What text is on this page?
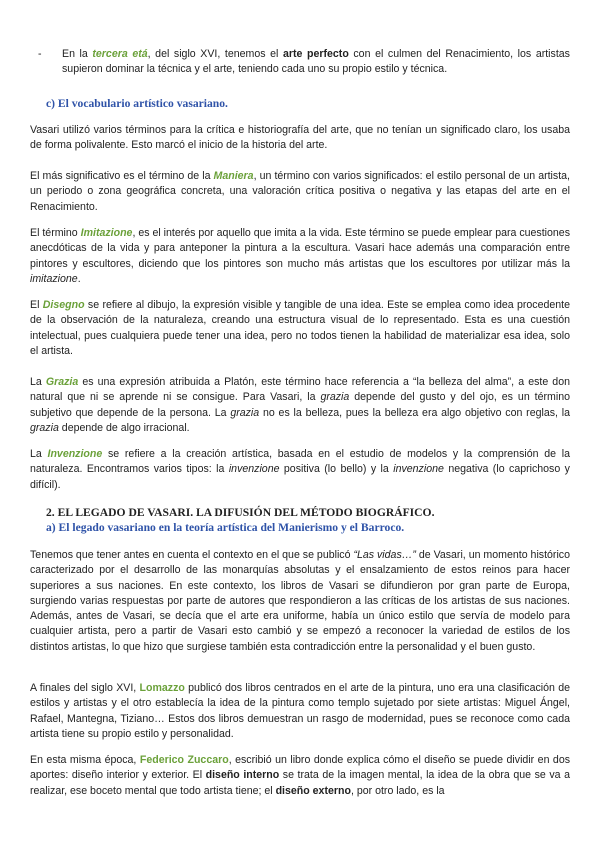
- En la tercera etá, del siglo XVI, tenemos el arte perfecto con el culmen del Renacimiento, los artistas supieron dominar la técnica y el arte, teniendo cada uno su propio estilo y técnica.
c) El vocabulario artístico vasariano.

Vasari utilizó varios términos para la crítica e historiografía del arte, que no tenían un significado claro, los usaba de forma polivalente. Esto marcó el inicio de la historia del arte.

El más significativo es el término de la Maniera, un término con varios significados: el estilo personal de un artista, un periodo o zona geográfica concreta, una valoración crítica positiva o negativa y las etapas del arte en el Renacimiento.

El término Imitazione, es el interés por aquello que imita a la vida. Este término se puede emplear para cuestiones anecdóticas de la vida y para anteponer la pintura a la escultura. Vasari hace además una comparación entre pintores y escultores, diciendo que los pintores son mucho más artistas que los escultores por utilizar más la imitazione.

El Disegno se refiere al dibujo, la expresión visible y tangible de una idea. Este se emplea como idea procedente de la observación de la naturaleza, creando una estructura visual de lo representado. Esta es una cuestión intelectual, pues cualquiera puede tener una idea, pero no todos tienen la habilidad de materializar esa idea, solo el artista.

La Grazia es una expresión atribuida a Platón, este término hace referencia a “la belleza del alma”, a este don natural que ni se aprende ni se consigue. Para Vasari, la grazia depende del gusto y del ojo, es un término subjetivo que depende de la persona. La grazia no es la belleza, pues la belleza era algo objetivo con reglas, la grazia depende de algo irracional.

La Invenzione se refiere a la creación artística, basada en el estudio de modelos y la comprensión de la naturaleza. Encontramos varios tipos: la invenzione positiva (lo bello) y la invenzione negativa (lo caprichoso y difícil).

2. EL LEGADO DE VASARI. LA DIFUSIÓN DEL MÉTODO BIOGRÁFICO.
a) El legado vasariano en la teoría artística del Manierismo y el Barroco.

Tenemos que tener antes en cuenta el contexto en el que se publicó “Las vidas…” de Vasari, un momento histórico caracterizado por el desarrollo de las monarquías absolutas y el ensalzamiento de estos reinos para hacer superiores a sus naciones. En este contexto, los libros de Vasari se difundieron por gran parte de Europa, surgiendo varias respuestas por parte de autores que respondieron a las críticas de los artistas de sus naciones. Además, antes de Vasari, se decía que el arte era uniforme, había un único estilo que servía de modelo para cualquier artista, pero a partir de Vasari esto cambió y se empezó a reconocer la variedad de estilos de los distintos artistas, lo que hizo que surgiese también esta contradicción entre la personalidad y el buen gusto.

A finales del siglo XVI, Lomazzo publicó dos libros centrados en el arte de la pintura, uno era una clasificación de estilos y artistas y el otro establecía la idea de la pintura como templo sujetado por siete artistas: Miguel Ángel, Rafael, Mantegna, Tiziano… Estos dos libros demuestran un rasgo de modernidad, pues se reconoce como cada artista tiene su propio estilo y personalidad.

En esta misma época, Federico Zuccaro, escribió un libro donde explica cómo el diseño se puede dividir en dos aportes: diseño interior y exterior. El diseño interno se trata de la imagen mental, la idea de la obra que se va a realizar, ese boceto mental que todo artista tiene; el diseño externo, por otro lado, es la
